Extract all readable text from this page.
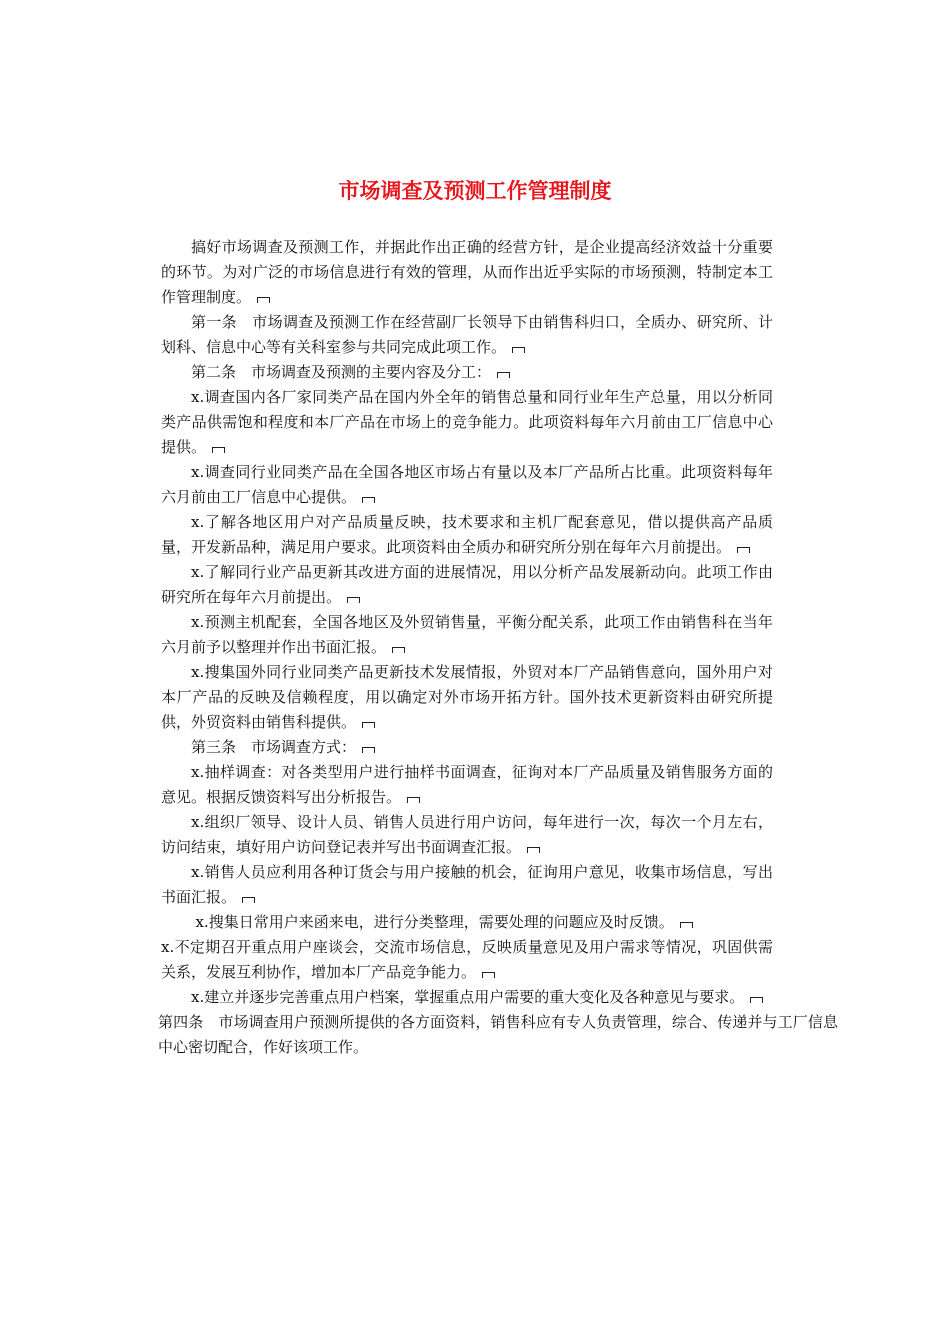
市场调查及预测工作管理制度

搞好市场调查及预测工作，并据此作出正确的经营方针，是企业提高经济效益十分重要的环节。为对广泛的市场信息进行有效的管理，从而作出近乎实际的市场预测，特制定本工作管理制度。

第一条　市场调查及预测工作在经营副厂长领导下由销售科归口，全质办、研究所、计划科、信息中心等有关科室参与共同完成此项工作。

第二条　市场调查及预测的主要内容及分工：

x.调查国内各厂家同类产品在国内外全年的销售总量和同行业年生产总量，用以分析同类产品供需饱和程度和本厂产品在市场上的竞争能力。此项资料每年六月前由工厂信息中心提供。

x.调查同行业同类产品在全国各地区市场占有量以及本厂产品所占比重。此项资料每年六月前由工厂信息中心提供。

x.了解各地区用户对产品质量反映，技术要求和主机厂配套意见，借以提供高产品质量，开发新品种，满足用户要求。此项资料由全质办和研究所分别在每年六月前提出。

x.了解同行业产品更新其改进方面的进展情况，用以分析产品发展新动向。此项工作由研究所在每年六月前提出。

x.预测主机配套，全国各地区及外贸销售量，平衡分配关系，此项工作由销售科在当年六月前予以整理并作出书面汇报。

x.搜集国外同行业同类产品更新技术发展情报，外贸对本厂产品销售意向，国外用户对本厂产品的反映及信赖程度，用以确定对外市场开拓方针。国外技术更新资料由研究所提供，外贸资料由销售科提供。

第三条　市场调查方式：

x.抽样调查：对各类型用户进行抽样书面调查，征询对本厂产品质量及销售服务方面的意见。根据反馈资料写出分析报告。

x.组织厂领导、设计人员、销售人员进行用户访问，每年进行一次，每次一个月左右，访问结束，填好用户访问登记表并写出书面调查汇报。

x.销售人员应利用各种订货会与用户接触的机会，征询用户意见，收集市场信息，写出书面汇报。

x.搜集日常用户来函来电，进行分类整理，需要处理的问题应及时反馈。

x.不定期召开重点用户座谈会，交流市场信息，反映质量意见及用户需求等情况，巩固供需关系，发展互利协作，增加本厂产品竞争能力。

x.建立并逐步完善重点用户档案，掌握重点用户需要的重大变化及各种意见与要求。

第四条　市场调查用户预测所提供的各方面资料，销售科应有专人负责管理，综合、传递并与工厂信息中心密切配合，作好该项工作。
